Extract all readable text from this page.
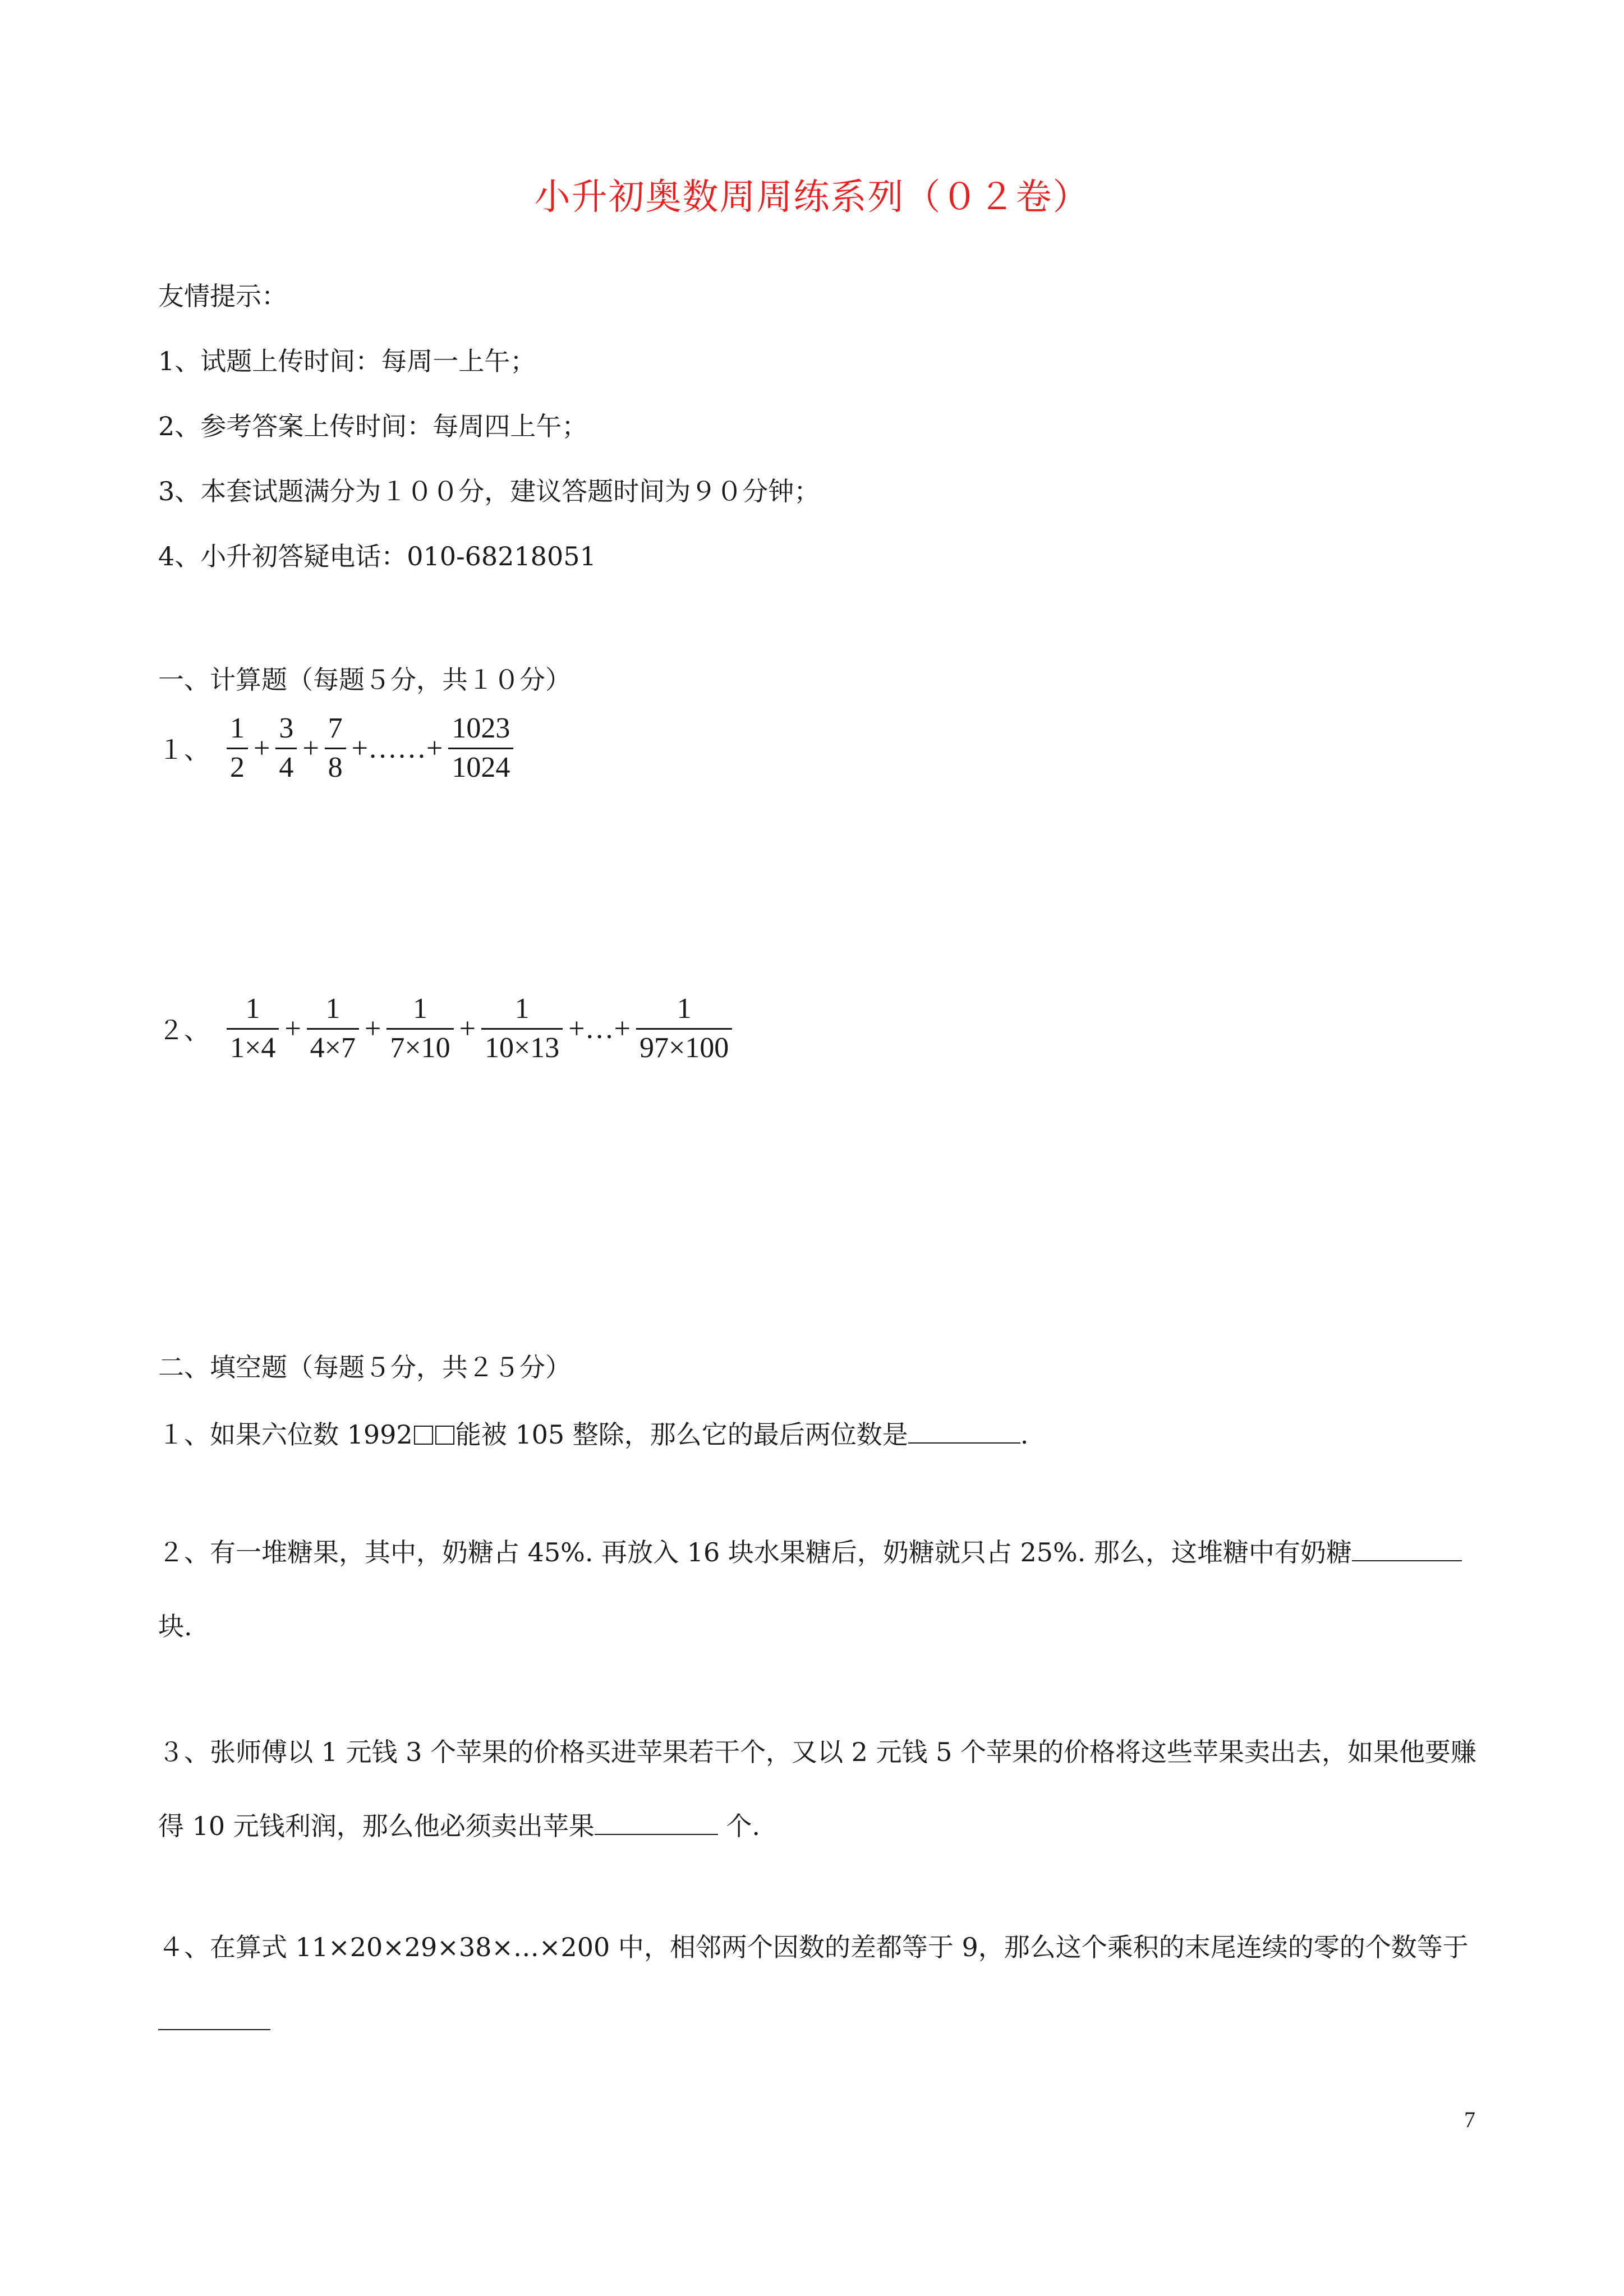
小升初奥数周周练系列（０２卷）
友情提示：
1、试题上传时间：每周一上午；
2、参考答案上传时间：每周四上午；
3、本套试题满分为１００分，建议答题时间为９０分钟；
4、小升初答疑电话：010-68218051
一、计算题（每题５分，共１０分）
１、 $\frac{1}{2} + \frac{3}{4} + \frac{7}{8}$ +……+ $\frac{1023}{1024}$
２、 $\frac{1}{1\times 4} + \frac{1}{4\times 7} + \frac{1}{7\times 10} + \frac{1}{10\times 13}$ +…+ $\frac{1}{97\times 100}$
二、填空题（每题５分，共２５分）
１、如果六位数 1992 能被 105 整除，那么它的最后两位数是	.
２、有一堆糖果，其中，奶糖占 45%. 再放入 16 块水果糖后，奶糖就只占 25%. 那么，这堆糖中有奶糖
块.
３、张师傅以 1 元钱 3 个苹果的价格买进苹果若干个，又以 2 元钱 5 个苹果的价格将这些苹果卖出去，如果他要赚得 10 元钱利润，那么他必须卖出苹果	个.
４、在算式 11×20×29×38×…×200 中，相邻两个因数的差都等于 9，那么这个乘积的末尾连续的零的个数等于
7
